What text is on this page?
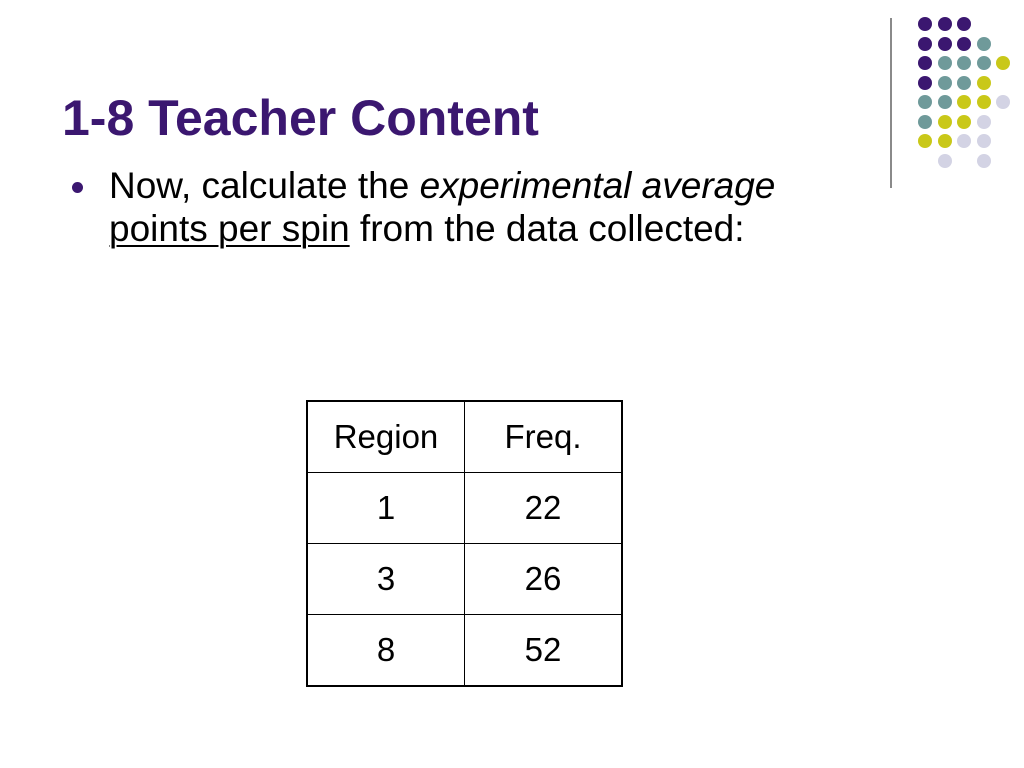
1-8 Teacher Content
Now, calculate the experimental average points per spin from the data collected:
Region	Freq.
1	22
3	26
8	52
